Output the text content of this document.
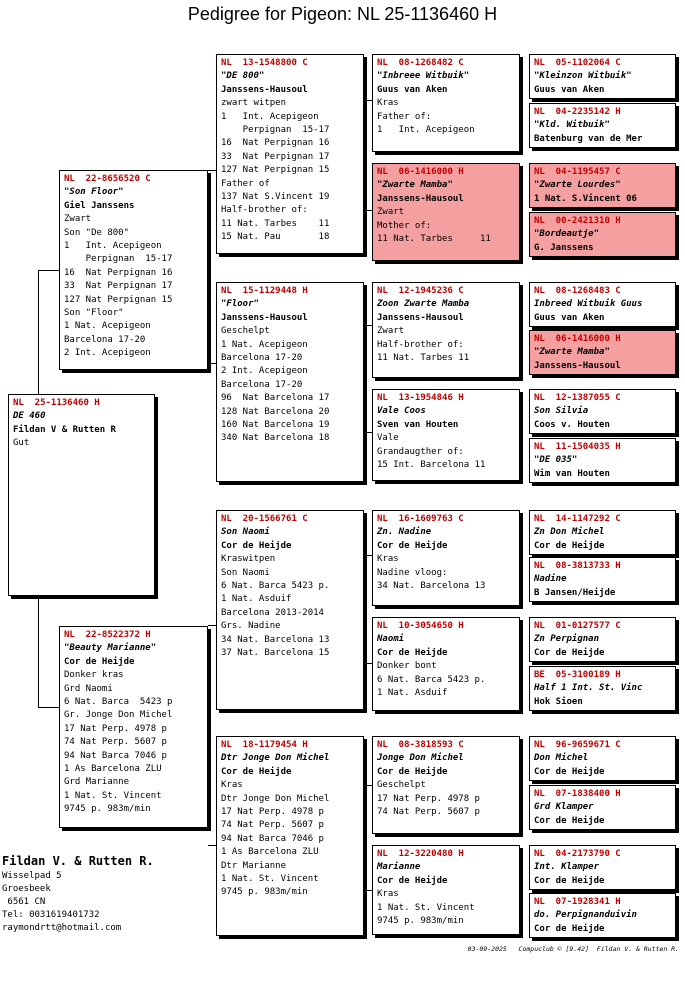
Pedigree for Pigeon: NL 25-1136460 H
NL  25-1136460 H
DE 460
Fildan V & Rutten R
Gut
NL  22-8656520 C
"Son Floor"
Giel Janssens
Zwart
Son "De 800"
1   Int. Acepigeon
Perpignan  15-17
16  Nat Perpignan 16
33  Nat Perpignan 17
127 Nat Perpignan 15
Son "Floor"
1 Nat. Acepigeon
Barcelona 17-20
2 Int. Acepigeon
NL  22-8522372 H
"Beauty Marianne"
Cor de Heijde
Donker kras
Grd Naomi
6 Nat. Barca  5423 p
Gr. Jonge Don Michel
17 Nat Perp. 4978 p
74 Nat Perp. 5607 p
94 Nat Barca 7046 p
1 As Barcelona ZLU
Grd Marianne
1 Nat. St. Vincent
9745 p. 983m/min
NL  13-1548800 C
"DE 800"
Janssens-Hausoul
zwart witpen
1   Int. Acepigeon
Perpignan  15-17
16  Nat Perpignan 16
33  Nat Perpignan 17
127 Nat Perpignan 15
Father of
137 Nat S.Vincent 19
Half-brother of:
11 Nat. Tarbes    11
15 Nat. Pau       18
NL  15-1129448 H
"Floor"
Janssens-Hausoul
Geschelpt
1 Nat. Acepigeon
Barcelona 17-20
2 Int. Acepigeon
Barcelona 17-20
96  Nat Barcelona 17
128 Nat Barcelona 20
160 Nat Barcelona 19
340 Nat Barcelona 18
NL  20-1566761 C
Son Naomi
Cor de Heijde
Kraswitpen
Son Naomi
6 Nat. Barca 5423 p.
1 Nat. Asduif
Barcelona 2013-2014
Grs. Nadine
34 Nat. Barcelona 13
37 Nat. Barcelona 15
NL  18-1179454 H
Dtr Jonge Don Michel
Cor de Heijde
Kras
Dtr Jonge Don Michel
17 Nat Perp. 4978 p
74 Nat Perp. 5607 p
94 Nat Barca 7046 p
1 As Barcelona ZLU
Dtr Marianne
1 Nat. St. Vincent
9745 p. 983m/min
NL  08-1268482 C
"Inbreee Witbuik"
Guus van Aken
Kras
Father of:
1   Int. Acepigeon
NL  06-1416000 H
"Zwarte Mamba"
Janssens-Hausoul
Zwart
Mother of:
11 Nat. Tarbes     11
NL  12-1945236 C
Zoon Zwarte Mamba
Janssens-Hausoul
Zwart
Half-brother of:
11 Nat. Tarbes 11
NL  13-1954846 H
Vale Coos
Sven van Houten
Vale
Grandaugther of:
15 Int. Barcelona 11
NL  16-1609763 C
Zn. Nadine
Cor de Heijde
Kras
Nadine vloog:
34 Nat. Barcelona 13
NL  10-3054650 H
Naomi
Cor de Heijde
Donker bont
6 Nat. Barca 5423 p.
1 Nat. Asduif
NL  08-3818593 C
Jonge Don Michel
Cor de Heijde
Geschelpt
17 Nat Perp. 4978 p
74 Nat Perp. 5607 p
NL  12-3220480 H
Marianne
Cor de Heijde
Kras
1 Nat. St. Vincent
9745 p. 983m/min
NL  05-1102064 C
"Kleinzon Witbuik"
Guus van Aken
NL  04-2235142 H
"Kld. Witbuik"
Batenburg van de Mer
NL  04-1195457 C
"Zwarte Lourdes"
1 Nat. S.Vincent 06
NL  00-2421310 H
"Bordeautje"
G. Janssens
NL  08-1268483 C
Inbreed Witbuik Guus
Guus van Aken
NL  06-1416000 H
"Zwarte Mamba"
Janssens-Hausoul
NL  12-1387055 C
Son Silvia
Coos v. Houten
NL  11-1504035 H
"DE 035"
Wim van Houten
NL  14-1147292 C
Zn Don Michel
Cor de Heijde
NL  08-3813733 H
Nadine
B Jansen/Heijde
NL  01-0127577 C
Zn Perpignan
Cor de Heijde
BE  05-3100189 H
Half 1 Int. St. Vinc
Hok Sioen
NL  96-9659671 C
Don Michel
Cor de Heijde
NL  07-1838400 H
Grd Klamper
Cor de Heijde
NL  04-2173790 C
Int. Klamper
Cor de Heijde
NL  07-1928341 H
do. Perpignanduivin
Cor de Heijde
Fildan V. & Rutten R.
Wisselpad 5
Groesbeek
6561 CN
Tel: 0031619401732
raymondrtt@hotmail.com
03-09-2025   Compuclub © [9.42]  Fildan V. & Rutten R.
